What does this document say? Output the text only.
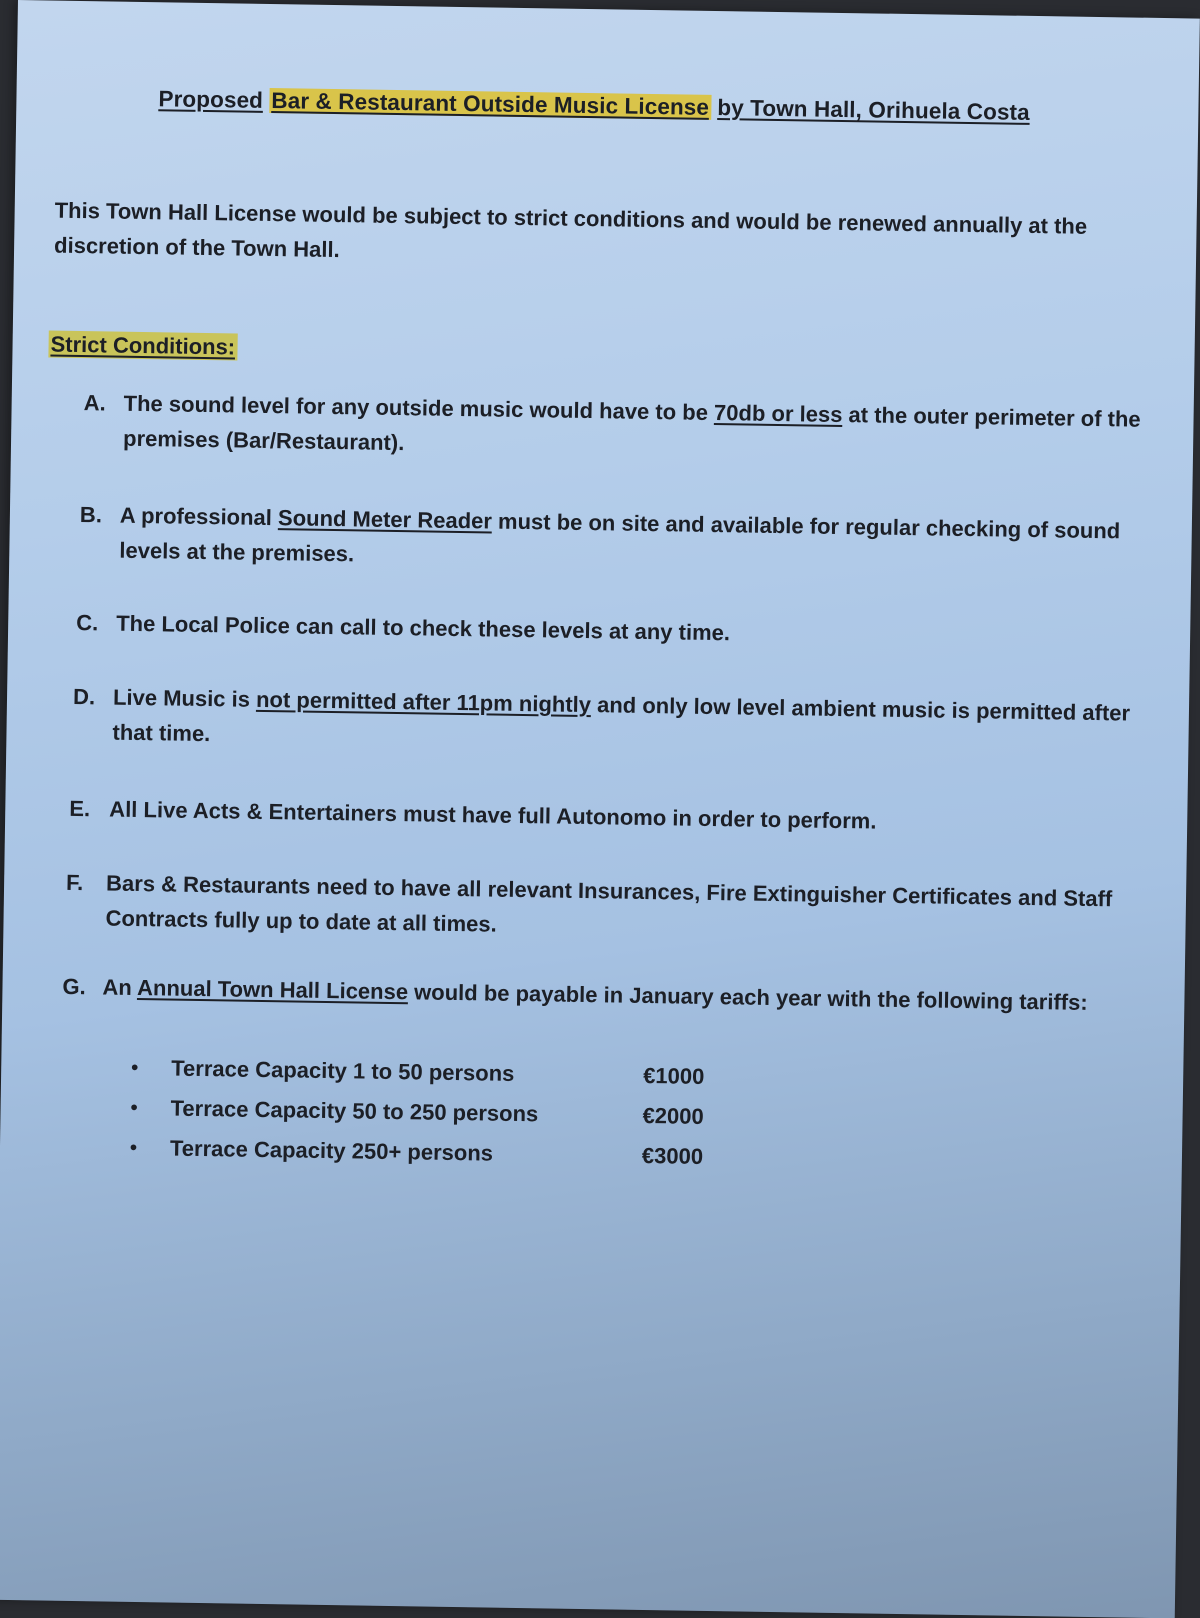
Proposed Bar & Restaurant Outside Music License by Town Hall, Orihuela Costa
This Town Hall License would be subject to strict conditions and would be renewed annually at the discretion of the Town Hall.
Strict Conditions:
A. The sound level for any outside music would have to be 70db or less at the outer perimeter of the premises (Bar/Restaurant).
B. A professional Sound Meter Reader must be on site and available for regular checking of sound levels at the premises.
C. The Local Police can call to check these levels at any time.
D. Live Music is not permitted after 11pm nightly and only low level ambient music is permitted after that time.
E. All Live Acts & Entertainers must have full Autonomo in order to perform.
F. Bars & Restaurants need to have all relevant Insurances, Fire Extinguisher Certificates and Staff Contracts fully up to date at all times.
G. An Annual Town Hall License would be payable in January each year with the following tariffs:
• Terrace Capacity 1 to 50 persons	€1000
• Terrace Capacity 50 to 250 persons	€2000
• Terrace Capacity 250+ persons	€3000
